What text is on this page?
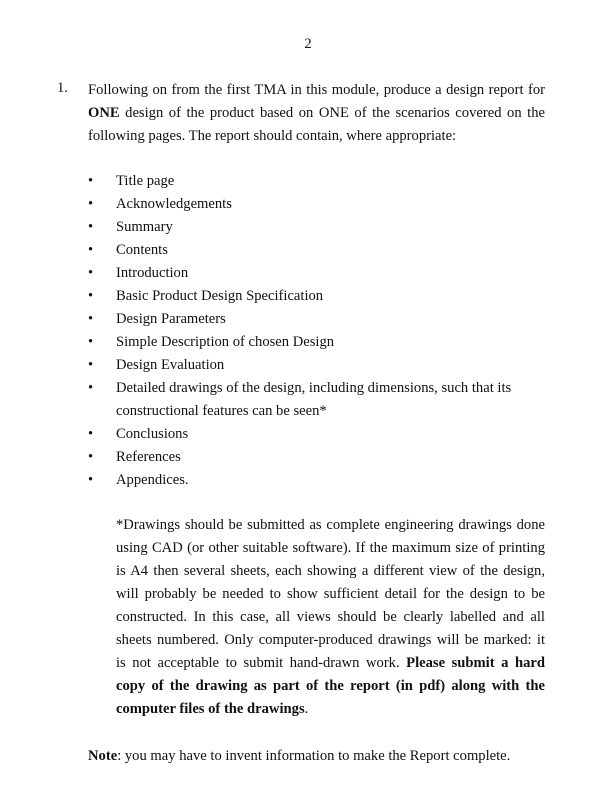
2
1. Following on from the first TMA in this module, produce a design report for ONE design of the product based on ONE of the scenarios covered on the following pages. The report should contain, where appropriate:

• Title page
• Acknowledgements
• Summary
• Contents
• Introduction
• Basic Product Design Specification
• Design Parameters
• Simple Description of chosen Design
• Design Evaluation
• Detailed drawings of the design, including dimensions, such that its constructional features can be seen*
• Conclusions
• References
• Appendices.

*Drawings should be submitted as complete engineering drawings done using CAD (or other suitable software). If the maximum size of printing is A4 then several sheets, each showing a different view of the design, will probably be needed to show sufficient detail for the design to be constructed. In this case, all views should be clearly labelled and all sheets numbered. Only computer-produced drawings will be marked: it is not acceptable to submit hand-drawn work. Please submit a hard copy of the drawing as part of the report (in pdf) along with the computer files of the drawings.

Note: you may have to invent information to make the Report complete.
